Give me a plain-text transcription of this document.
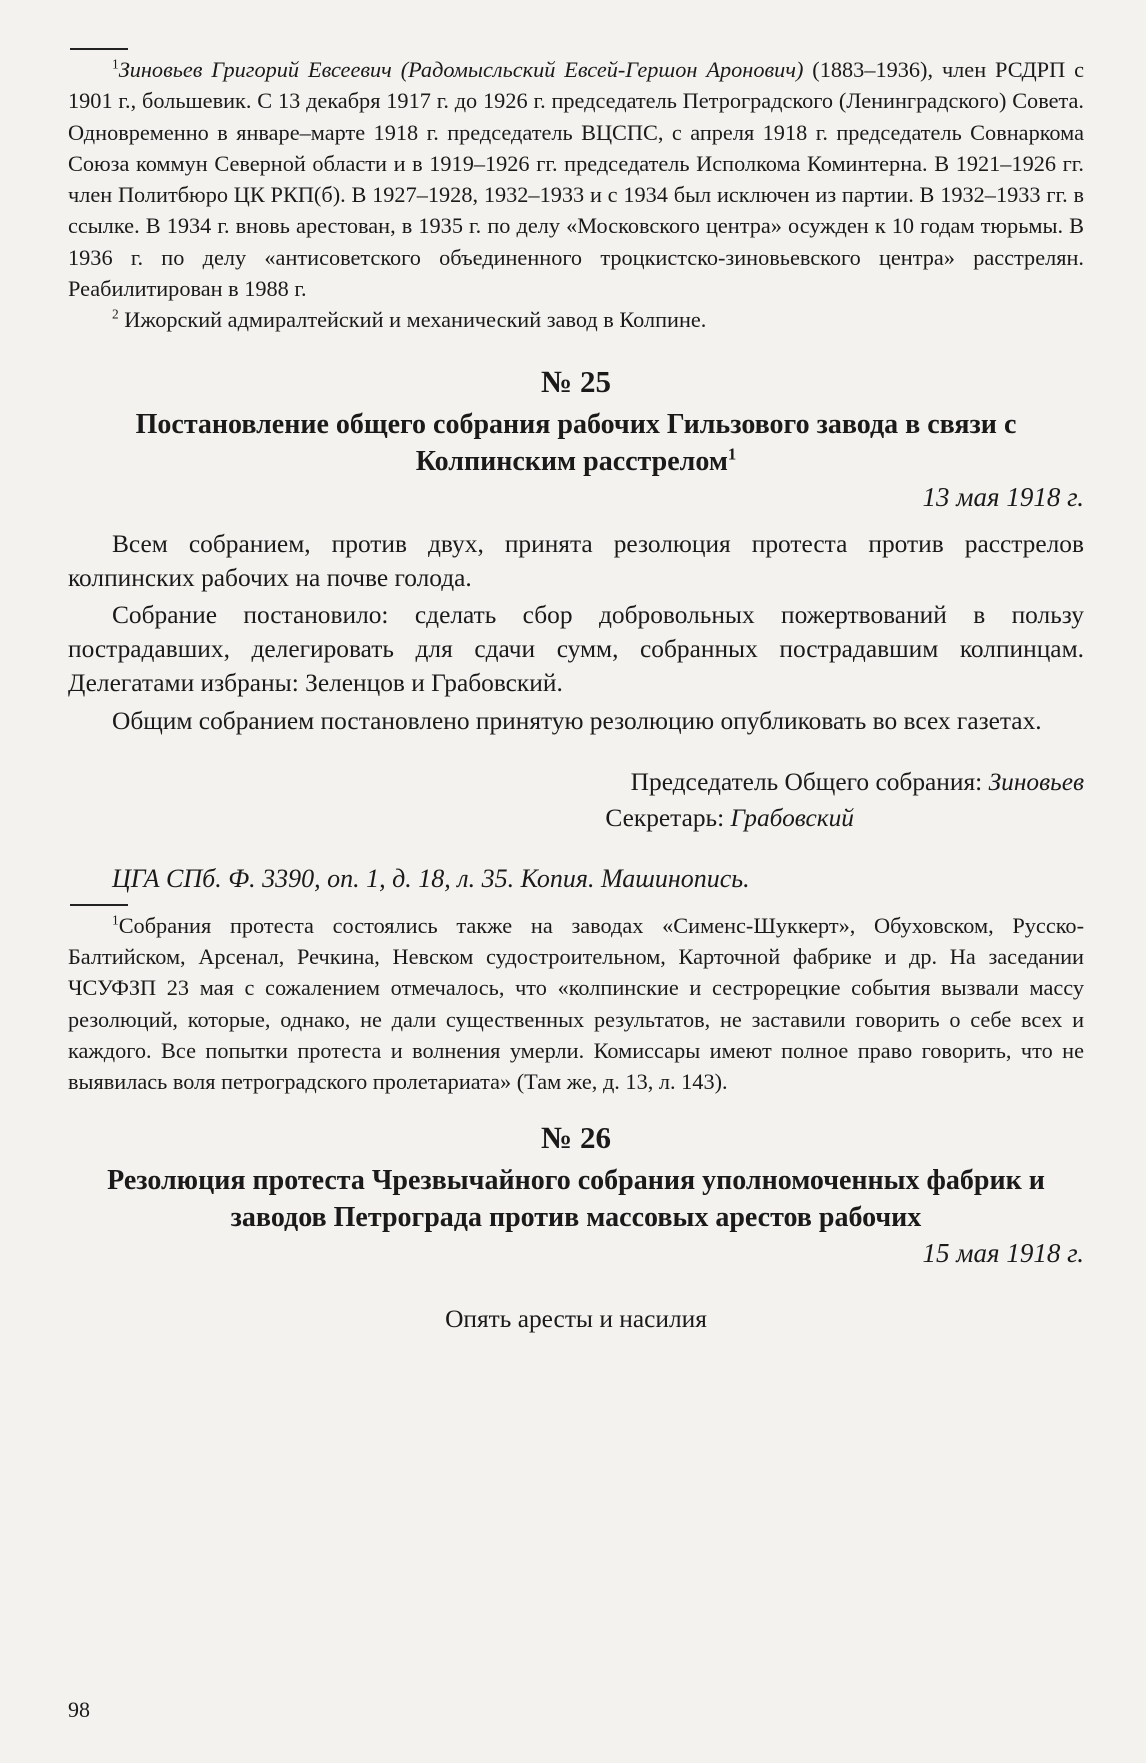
$^1$Зиновьев Григорий Евсеевич (Радомысльский Евсей-Гершон Аронович) (1883–1936), член РСДРП с 1901 г., большевик. С 13 декабря 1917 г. до 1926 г. председатель Петроградского (Ленинградского) Совета. Одновременно в январе–марте 1918 г. председатель ВЦСПС, с апреля 1918 г. председатель Совнаркома Союза коммун Северной области и в 1919–1926 гг. председатель Исполкома Коминтерна. В 1921–1926 гг. член Политбюро ЦК РКП(б). В 1927–1928, 1932–1933 и с 1934 был исключен из партии. В 1932–1933 гг. в ссылке. В 1934 г. вновь арестован, в 1935 г. по делу «Московского центра» осужден к 10 годам тюрьмы. В 1936 г. по делу «антисоветского объединенного троцкистско-зиновьевского центра» расстрелян. Реабилитирован в 1988 г.

$^2$ Ижорский адмиралтейский и механический завод в Колпине.

№ 25

Постановление общего собрания рабочих Гильзового завода в связи с Колпинским расстрелом$^1$

13 мая 1918 г.

Всем собранием, против двух, принята резолюция протеста против расстрелов колпинских рабочих на почве голода.

Собрание постановило: сделать сбор добровольных пожертвований в пользу пострадавших, делегировать для сдачи сумм, собранных пострадавшим колпинцам. Делегатами избраны: Зеленцов и Грабовский.

Общим собранием постановлено принятую резолюцию опубликовать во всех газетах.

Председатель Общего собрания: Зиновьев
Секретарь: Грабовский
ЦГА СПб. Ф. 3390, оп. 1, д. 18, л. 35. Копия. Машинопись.

$^1$Собрания протеста состоялись также на заводах «Сименс-Шуккерт», Обуховском, Русско-Балтийском, Арсенал, Речкина, Невском судостроительном, Карточной фабрике и др. На заседании ЧСУФЗП 23 мая с сожалением отмечалось, что «колпинские и сестрорецкие события вызвали массу резолюций, которые, однако, не дали существенных результатов, не заставили говорить о себе всех и каждого. Все попытки протеста и волнения умерли. Комиссары имеют полное право говорить, что не выявилась воля петроградского пролетариата» (Там же, д. 13, л. 143).

№ 26

Резолюция протеста Чрезвычайного собрания уполномоченных фабрик и заводов Петрограда против массовых арестов рабочих

15 мая 1918 г.
Опять аресты и насилия
98
